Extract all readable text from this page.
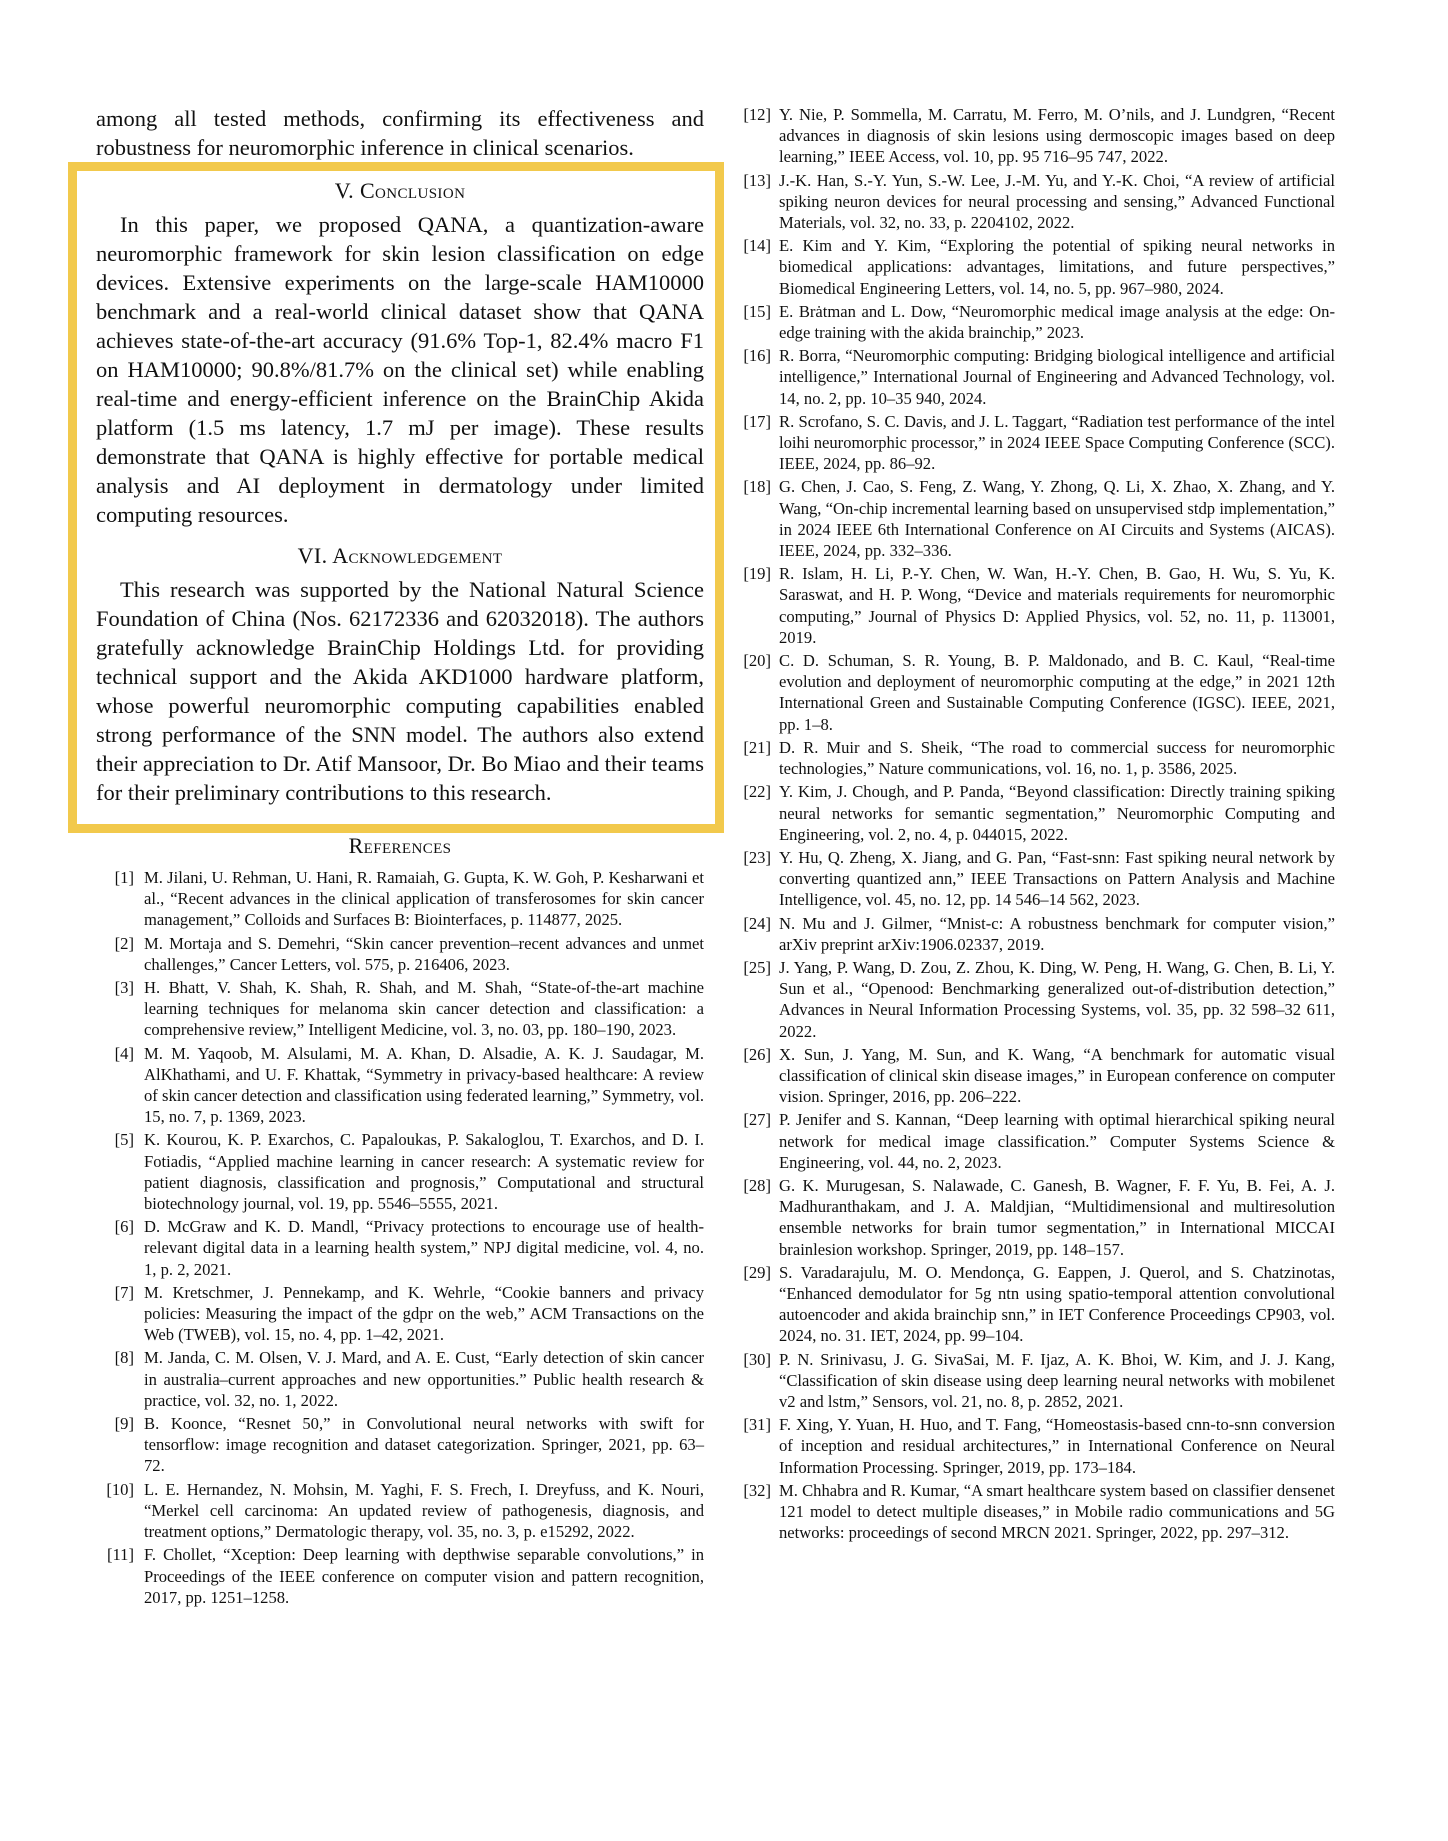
among all tested methods, confirming its effectiveness and robustness for neuromorphic inference in clinical scenarios.

V. Conclusion

In this paper, we proposed QANA, a quantization-aware neuromorphic framework for skin lesion classification on edge devices. Extensive experiments on the large-scale HAM10000 benchmark and a real-world clinical dataset show that QANA achieves state-of-the-art accuracy (91.6% Top-1, 82.4% macro F1 on HAM10000; 90.8%/81.7% on the clinical set) while enabling real-time and energy-efficient inference on the BrainChip Akida platform (1.5 ms latency, 1.7 mJ per image). These results demonstrate that QANA is highly effective for portable medical analysis and AI deployment in dermatology under limited computing resources.

VI. Acknowledgement

This research was supported by the National Natural Science Foundation of China (Nos. 62172336 and 62032018). The authors gratefully acknowledge BrainChip Holdings Ltd. for providing technical support and the Akida AKD1000 hardware platform, whose powerful neuromorphic computing capabilities enabled strong performance of the SNN model. The authors also extend their appreciation to Dr. Atif Mansoor, Dr. Bo Miao and their teams for their preliminary contributions to this research.

References
[1] M. Jilani, U. Rehman, U. Hani, R. Ramaiah, G. Gupta, K. W. Goh, P. Kesharwani et al., “Recent advances in the clinical application of transferosomes for skin cancer management,” Colloids and Surfaces B: Biointerfaces, p. 114877, 2025.
[2] M. Mortaja and S. Demehri, “Skin cancer prevention–recent advances and unmet challenges,” Cancer Letters, vol. 575, p. 216406, 2023.
[3] H. Bhatt, V. Shah, K. Shah, R. Shah, and M. Shah, “State-of-the-art machine learning techniques for melanoma skin cancer detection and classification: a comprehensive review,” Intelligent Medicine, vol. 3, no. 03, pp. 180–190, 2023.
[4] M. M. Yaqoob, M. Alsulami, M. A. Khan, D. Alsadie, A. K. J. Saudagar, M. AlKhathami, and U. F. Khattak, “Symmetry in privacy-based healthcare: A review of skin cancer detection and classification using federated learning,” Symmetry, vol. 15, no. 7, p. 1369, 2023.
[5] K. Kourou, K. P. Exarchos, C. Papaloukas, P. Sakaloglou, T. Exarchos, and D. I. Fotiadis, “Applied machine learning in cancer research: A systematic review for patient diagnosis, classification and prognosis,” Computational and structural biotechnology journal, vol. 19, pp. 5546–5555, 2021.
[6] D. McGraw and K. D. Mandl, “Privacy protections to encourage use of health-relevant digital data in a learning health system,” NPJ digital medicine, vol. 4, no. 1, p. 2, 2021.
[7] M. Kretschmer, J. Pennekamp, and K. Wehrle, “Cookie banners and privacy policies: Measuring the impact of the gdpr on the web,” ACM Transactions on the Web (TWEB), vol. 15, no. 4, pp. 1–42, 2021.
[8] M. Janda, C. M. Olsen, V. J. Mard, and A. E. Cust, “Early detection of skin cancer in australia–current approaches and new opportunities.” Public health research & practice, vol. 32, no. 1, 2022.
[9] B. Koonce, “Resnet 50,” in Convolutional neural networks with swift for tensorflow: image recognition and dataset categorization. Springer, 2021, pp. 63–72.
[10] L. E. Hernandez, N. Mohsin, M. Yaghi, F. S. Frech, I. Dreyfuss, and K. Nouri, “Merkel cell carcinoma: An updated review of pathogenesis, diagnosis, and treatment options,” Dermatologic therapy, vol. 35, no. 3, p. e15292, 2022.
[11] F. Chollet, “Xception: Deep learning with depthwise separable convolutions,” in Proceedings of the IEEE conference on computer vision and pattern recognition, 2017, pp. 1251–1258.
[12] Y. Nie, P. Sommella, M. Carratu, M. Ferro, M. O’nils, and J. Lundgren, “Recent advances in diagnosis of skin lesions using dermoscopic images based on deep learning,” IEEE Access, vol. 10, pp. 95 716–95 747, 2022.
[13] J.-K. Han, S.-Y. Yun, S.-W. Lee, J.-M. Yu, and Y.-K. Choi, “A review of artificial spiking neuron devices for neural processing and sensing,” Advanced Functional Materials, vol. 32, no. 33, p. 2204102, 2022.
[14] E. Kim and Y. Kim, “Exploring the potential of spiking neural networks in biomedical applications: advantages, limitations, and future perspectives,” Biomedical Engineering Letters, vol. 14, no. 5, pp. 967–980, 2024.
[15] E. Brȧtman and L. Dow, “Neuromorphic medical image analysis at the edge: On-edge training with the akida brainchip,” 2023.
[16] R. Borra, “Neuromorphic computing: Bridging biological intelligence and artificial intelligence,” International Journal of Engineering and Advanced Technology, vol. 14, no. 2, pp. 10–35 940, 2024.
[17] R. Scrofano, S. C. Davis, and J. L. Taggart, “Radiation test performance of the intel loihi neuromorphic processor,” in 2024 IEEE Space Computing Conference (SCC). IEEE, 2024, pp. 86–92.
[18] G. Chen, J. Cao, S. Feng, Z. Wang, Y. Zhong, Q. Li, X. Zhao, X. Zhang, and Y. Wang, “On-chip incremental learning based on unsupervised stdp implementation,” in 2024 IEEE 6th International Conference on AI Circuits and Systems (AICAS). IEEE, 2024, pp. 332–336.
[19] R. Islam, H. Li, P.-Y. Chen, W. Wan, H.-Y. Chen, B. Gao, H. Wu, S. Yu, K. Saraswat, and H. P. Wong, “Device and materials requirements for neuromorphic computing,” Journal of Physics D: Applied Physics, vol. 52, no. 11, p. 113001, 2019.
[20] C. D. Schuman, S. R. Young, B. P. Maldonado, and B. C. Kaul, “Real-time evolution and deployment of neuromorphic computing at the edge,” in 2021 12th International Green and Sustainable Computing Conference (IGSC). IEEE, 2021, pp. 1–8.
[21] D. R. Muir and S. Sheik, “The road to commercial success for neuromorphic technologies,” Nature communications, vol. 16, no. 1, p. 3586, 2025.
[22] Y. Kim, J. Chough, and P. Panda, “Beyond classification: Directly training spiking neural networks for semantic segmentation,” Neuromorphic Computing and Engineering, vol. 2, no. 4, p. 044015, 2022.
[23] Y. Hu, Q. Zheng, X. Jiang, and G. Pan, “Fast-snn: Fast spiking neural network by converting quantized ann,” IEEE Transactions on Pattern Analysis and Machine Intelligence, vol. 45, no. 12, pp. 14 546–14 562, 2023.
[24] N. Mu and J. Gilmer, “Mnist-c: A robustness benchmark for computer vision,” arXiv preprint arXiv:1906.02337, 2019.
[25] J. Yang, P. Wang, D. Zou, Z. Zhou, K. Ding, W. Peng, H. Wang, G. Chen, B. Li, Y. Sun et al., “Openood: Benchmarking generalized out-of-distribution detection,” Advances in Neural Information Processing Systems, vol. 35, pp. 32 598–32 611, 2022.
[26] X. Sun, J. Yang, M. Sun, and K. Wang, “A benchmark for automatic visual classification of clinical skin disease images,” in European conference on computer vision. Springer, 2016, pp. 206–222.
[27] P. Jenifer and S. Kannan, “Deep learning with optimal hierarchical spiking neural network for medical image classification.” Computer Systems Science & Engineering, vol. 44, no. 2, 2023.
[28] G. K. Murugesan, S. Nalawade, C. Ganesh, B. Wagner, F. F. Yu, B. Fei, A. J. Madhuranthakam, and J. A. Maldjian, “Multidimensional and multiresolution ensemble networks for brain tumor segmentation,” in International MICCAI brainlesion workshop. Springer, 2019, pp. 148–157.
[29] S. Varadarajulu, M. O. Mendonça, G. Eappen, J. Querol, and S. Chatzinotas, “Enhanced demodulator for 5g ntn using spatio-temporal attention convolutional autoencoder and akida brainchip snn,” in IET Conference Proceedings CP903, vol. 2024, no. 31. IET, 2024, pp. 99–104.
[30] P. N. Srinivasu, J. G. SivaSai, M. F. Ijaz, A. K. Bhoi, W. Kim, and J. J. Kang, “Classification of skin disease using deep learning neural networks with mobilenet v2 and lstm,” Sensors, vol. 21, no. 8, p. 2852, 2021.
[31] F. Xing, Y. Yuan, H. Huo, and T. Fang, “Homeostasis-based cnn-to-snn conversion of inception and residual architectures,” in International Conference on Neural Information Processing. Springer, 2019, pp. 173–184.
[32] M. Chhabra and R. Kumar, “A smart healthcare system based on classifier densenet 121 model to detect multiple diseases,” in Mobile radio communications and 5G networks: proceedings of second MRCN 2021. Springer, 2022, pp. 297–312.
